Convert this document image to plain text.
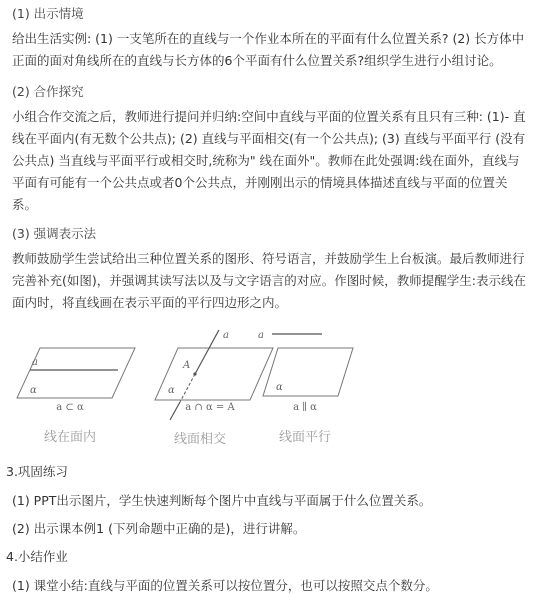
(1) 出示情境

给出生活实例: (1) 一支笔所在的直线与一个作业本所在的平面有什么位置关系? (2) 长方体中
正面的面对角线所在的直线与长方体的6个平面有什么位置关系?组织学生进行小组讨论。

(2) 合作探究

小组合作交流之后，教师进行提问并归纳:空间中直线与平面的位置关系有且只有三种: (1)- 直
线在平面内(有无数个公共点); (2) 直线与平面相交(有一个公共点); (3) 直线与平面平行 (没有
公共点) 当直线与平面平行或相交时,统称为" 线在面外"。教师在此处强调:线在面外，直线与
平面有可能有一个公共点或者0个公共点，并刚刚出示的情境具体描述直线与平面的位置关
系。

(3) 强调表示法

教师鼓励学生尝试给出三种位置关系的图形、符号语言，并鼓励学生上台板演。最后教师进行
完善补充(如图)，并强调其读写法以及与文字语言的对应。作图时候，教师提醒学生:表示线在
面内时，将直线画在表示平面的平行四边形之内。
a
α
a
A
α
a
α
a ⊂ α	a ∩ α = A	a ∥ α
线在面内	线面相交	线面平行

3.巩固练习

(1) PPT出示图片，学生快速判断每个图片中直线与平面属于什么位置关系。

(2) 出示课本例1 (下列命题中正确的是)，进行讲解。

4.小结作业

(1) 课堂小结:直线与平面的位置关系可以按位置分，也可以按照交点个数分。
